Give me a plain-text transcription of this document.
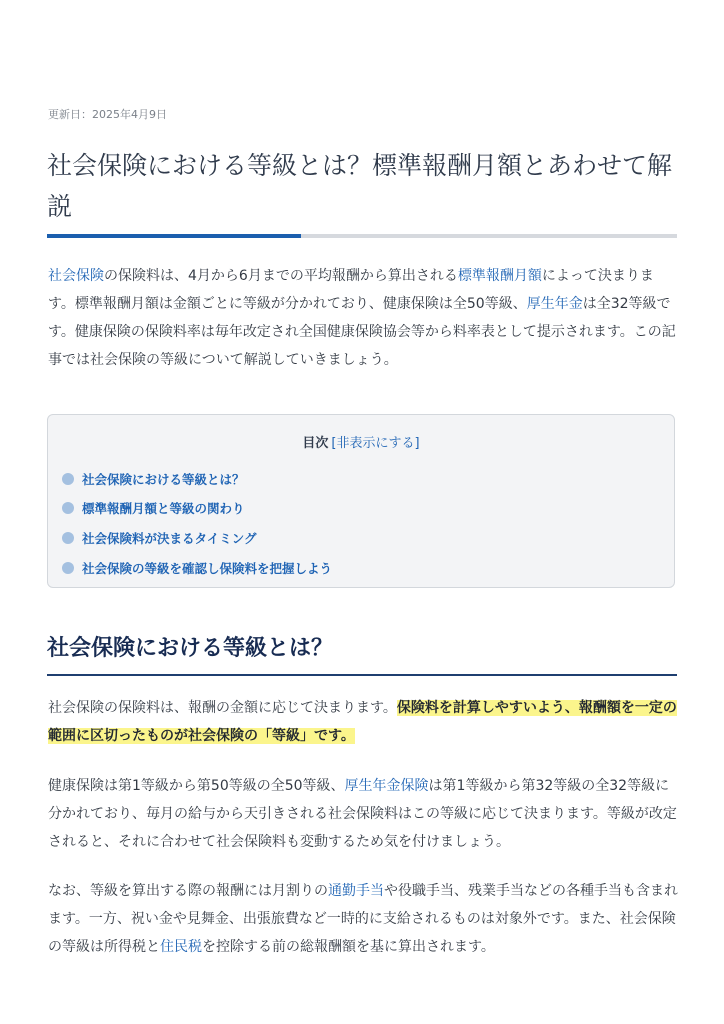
更新日：2025年4月9日
社会保険における等級とは？標準報酬月額とあわせて解説

社会保険の保険料は、4月から6月までの平均報酬から算出される標準報酬月額によって決まります。標準報酬月額は金額ごとに等級が分かれており、健康保険は全50等級、厚生年金は全32等級です。健康保険の保険料率は毎年改定され全国健康保険協会等から料率表として提示されます。この記事では社会保険の等級について解説していきましょう。

目次 [非表示にする]
社会保険における等級とは？
標準報酬月額と等級の関わり
社会保険料が決まるタイミング
社会保険の等級を確認し保険料を把握しよう
社会保険における等級とは？

社会保険の保険料は、報酬の金額に応じて決まります。保険料を計算しやすいよう、報酬額を一定の範囲に区切ったものが社会保険の「等級」です。

健康保険は第1等級から第50等級の全50等級、厚生年金保険は第1等級から第32等級の全32等級に分かれており、毎月の給与から天引きされる社会保険料はこの等級に応じて決まります。等級が改定されると、それに合わせて社会保険料も変動するため気を付けましょう。

なお、等級を算出する際の報酬には月割りの通勤手当や役職手当、残業手当などの各種手当も含まれます。一方、祝い金や見舞金、出張旅費など一時的に支給されるものは対象外です。また、社会保険の等級は所得税と住民税を控除する前の総報酬額を基に算出されます。
